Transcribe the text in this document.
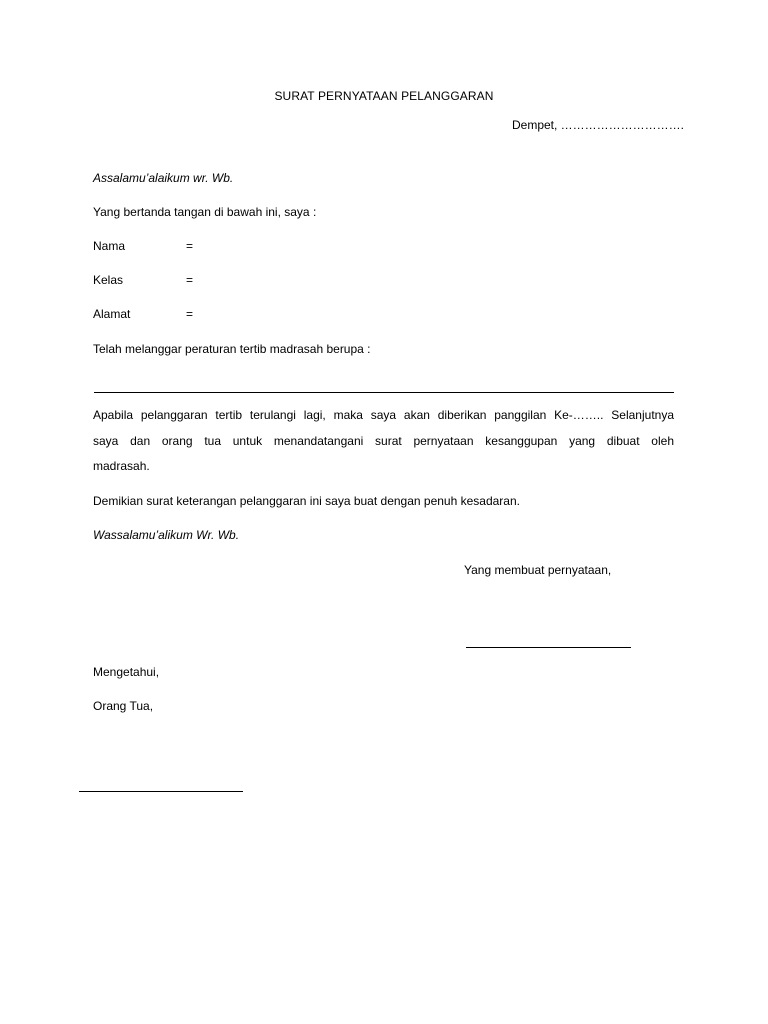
SURAT PERNYATAAN PELANGGARAN
Dempet, ………………………….
Assalamu’alaikum wr. Wb.
Yang bertanda tangan di bawah ini, saya :
Nama	=
Kelas	=
Alamat	=
Telah melanggar peraturan tertib madrasah berupa :
Apabila pelanggaran tertib terulangi lagi, maka saya akan diberikan panggilan Ke-…….. Selanjutnya
saya dan orang tua untuk menandatangani surat pernyataan kesanggupan yang dibuat oleh
madrasah.
Demikian surat keterangan pelanggaran ini saya buat dengan penuh kesadaran.
Wassalamu’alikum Wr. Wb.
Yang membuat pernyataan,
Mengetahui,
Orang Tua,
